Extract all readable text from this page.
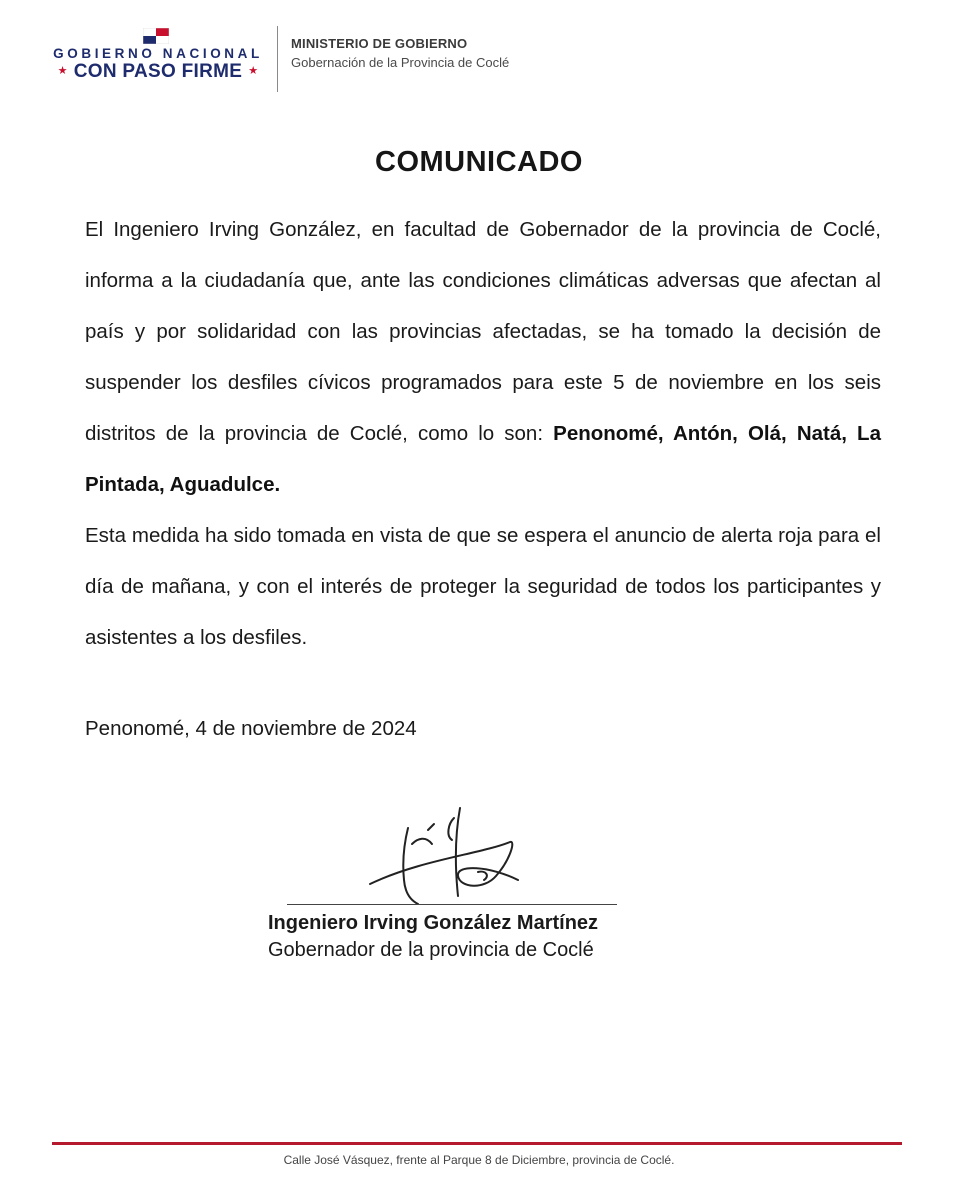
GOBIERNO NACIONAL
★ CON PASO FIRME ★
MINISTERIO DE GOBIERNO
Gobernación de la Provincia de Coclé
COMUNICADO

El Ingeniero Irving González, en facultad de Gobernador de la provincia de Coclé, informa a la ciudadanía que, ante las condiciones climáticas adversas que afectan al país y por solidaridad con las provincias afectadas, se ha tomado la decisión de suspender los desfiles cívicos programados para este 5 de noviembre en los seis distritos de la provincia de Coclé, como lo son: Penonomé, Antón, Olá, Natá, La Pintada, Aguadulce.

Esta medida ha sido tomada en vista de que se espera el anuncio de alerta roja para el día de mañana, y con el interés de proteger la seguridad de todos los participantes y asistentes a los desfiles.

Penonomé, 4 de noviembre de 2024
Ingeniero Irving González Martínez
Gobernador de la provincia de Coclé
Calle José Vásquez, frente al Parque 8 de Diciembre, provincia de Coclé.
